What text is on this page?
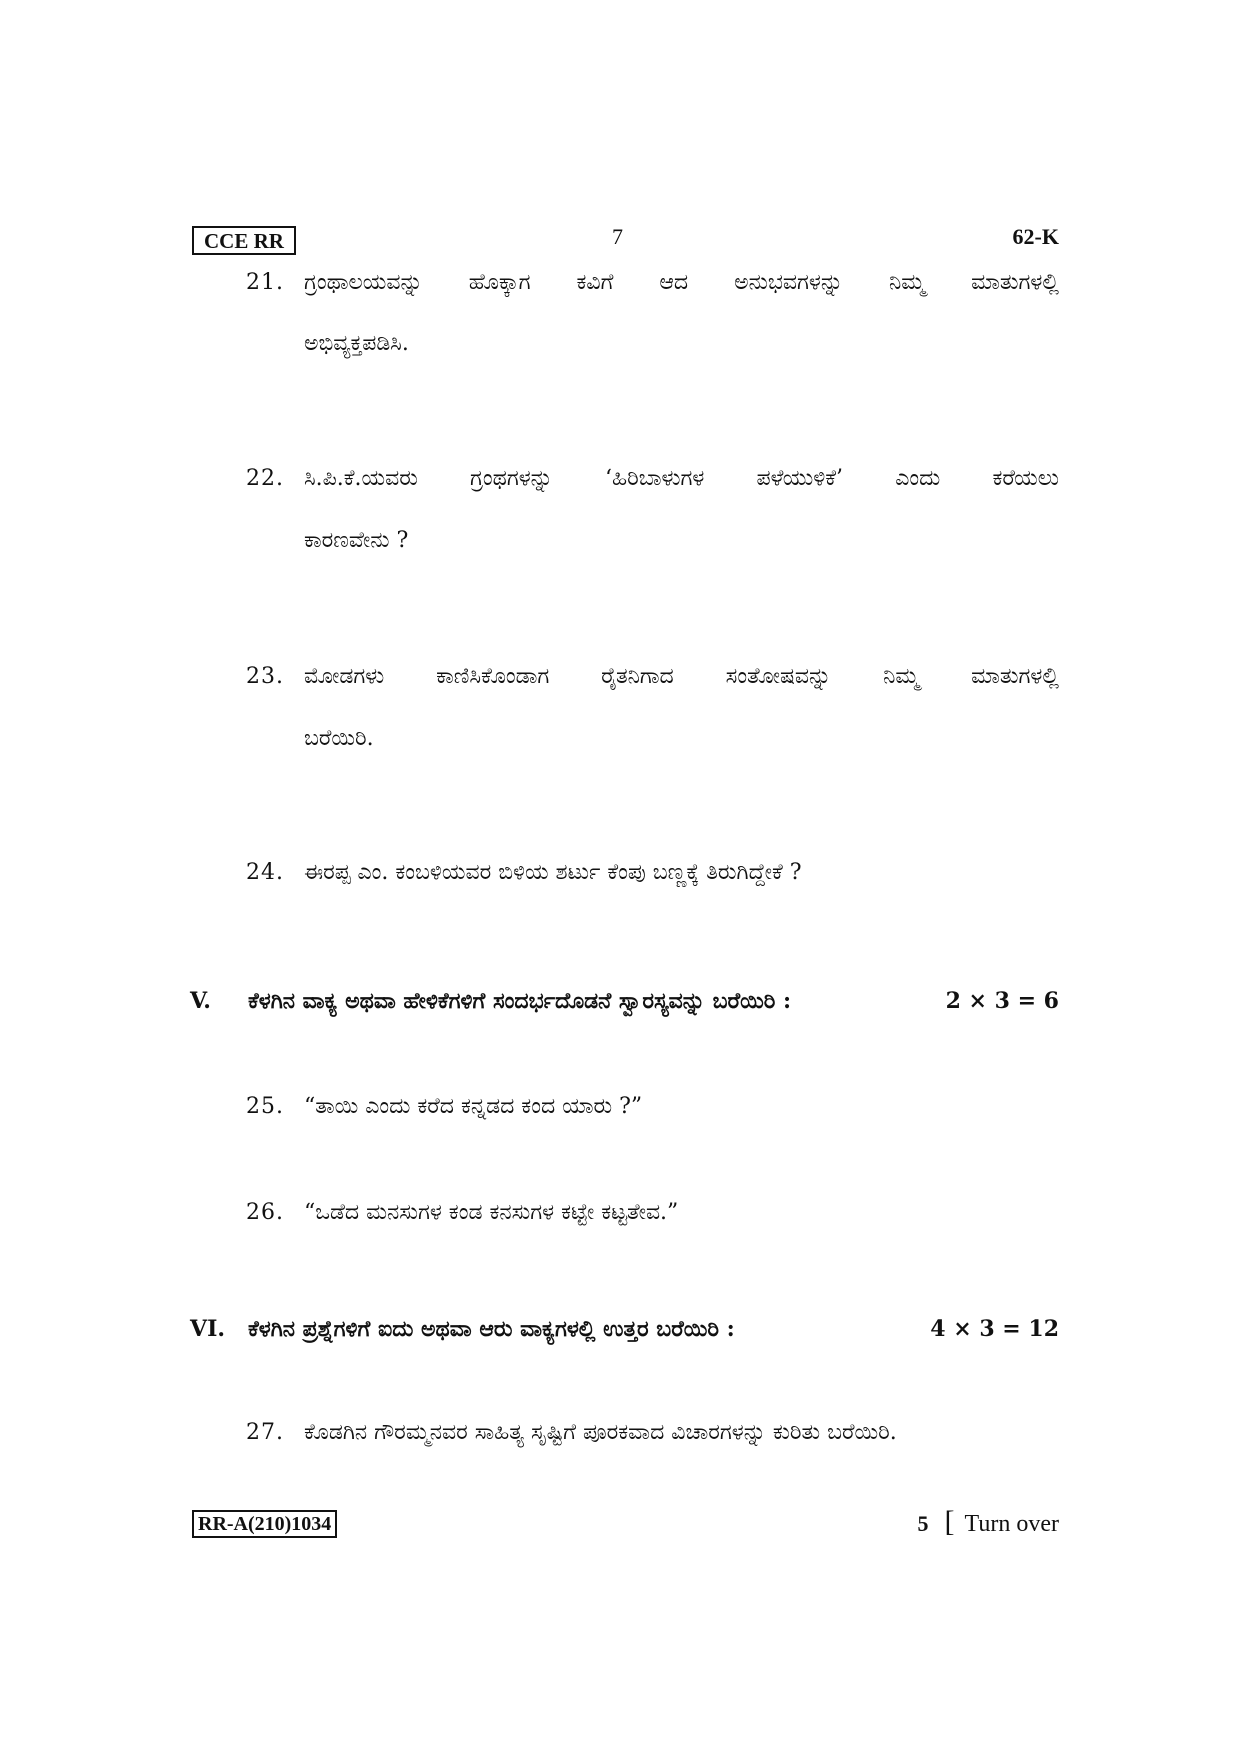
CCE RR	7	62-K
21. ಗ್ರಂಥಾಲಯವನ್ನು ಹೊಕ್ಕಾಗ ಕವಿಗೆ ಆದ ಅನುಭವಗಳನ್ನು ನಿಮ್ಮ ಮಾತುಗಳಲ್ಲಿ
ಅಭಿವ್ಯಕ್ತಪಡಿಸಿ.
22. ಸಿ.ಪಿ.ಕೆ.ಯವರು ಗ್ರಂಥಗಳನ್ನು ‘ಹಿರಿಬಾಳುಗಳ ಪಳೆಯುಳಿಕೆ’ ಎಂದು ಕರೆಯಲು
ಕಾರಣವೇನು ?
23. ಮೋಡಗಳು ಕಾಣಿಸಿಕೊಂಡಾಗ ರೈತನಿಗಾದ ಸಂತೋಷವನ್ನು ನಿಮ್ಮ ಮಾತುಗಳಲ್ಲಿ
ಬರೆಯಿರಿ.
24. ಈರಪ್ಪ ಎಂ. ಕಂಬಳಿಯವರ ಬಿಳಿಯ ಶರ್ಟು ಕೆಂಪು ಬಣ್ಣಕ್ಕೆ ತಿರುಗಿದ್ದೇಕೆ ?
V. ಕೆಳಗಿನ ವಾಕ್ಯ ಅಥವಾ ಹೇಳಿಕೆಗಳಿಗೆ ಸಂದರ್ಭದೊಡನೆ ಸ್ವಾರಸ್ಯವನ್ನು ಬರೆಯಿರಿ :	2 × 3 = 6
25. “ತಾಯಿ ಎಂದು ಕರೆದ ಕನ್ನಡದ ಕಂದ ಯಾರು ?”
26. “ಒಡೆದ ಮನಸುಗಳ ಕಂಡ ಕನಸುಗಳ ಕಟ್ಟೇ ಕಟ್ಟತೇವ.”
VI. ಕೆಳಗಿನ ಪ್ರಶ್ನೆಗಳಿಗೆ ಐದು ಅಥವಾ ಆರು ವಾಕ್ಯಗಳಲ್ಲಿ ಉತ್ತರ ಬರೆಯಿರಿ :	4 × 3 = 12
27. ಕೊಡಗಿನ ಗೌರಮ್ಮನವರ ಸಾಹಿತ್ಯ ಸೃಷ್ಟಿಗೆ ಪೂರಕವಾದ ವಿಚಾರಗಳನ್ನು ಕುರಿತು ಬರೆಯಿರಿ.
RR-A(210)1034	5 [ Turn over
